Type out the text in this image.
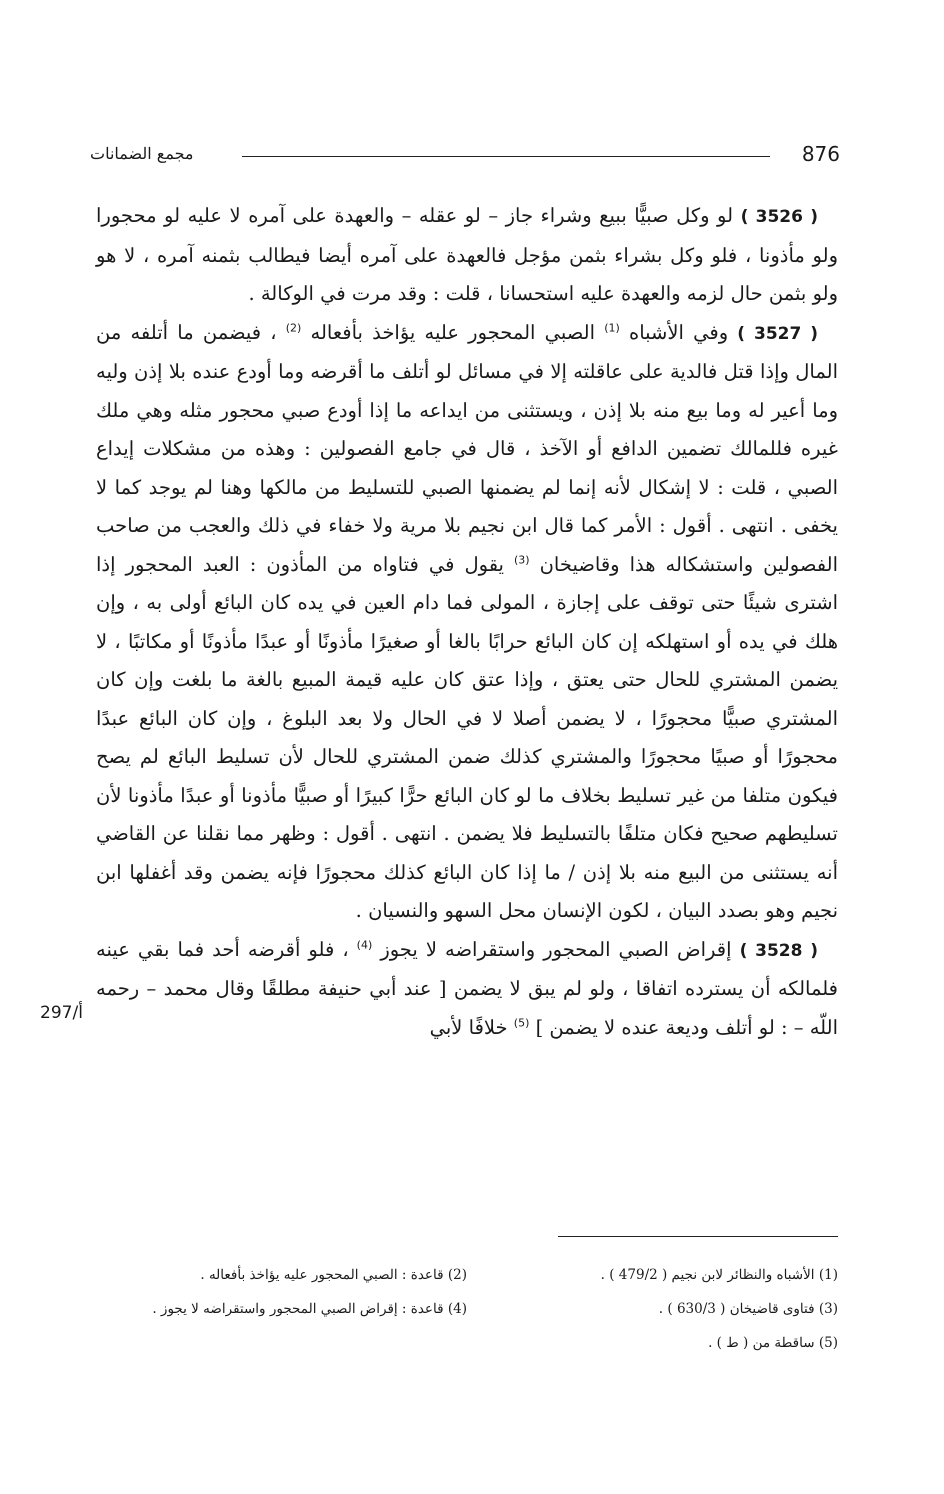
876
مجمع الضمانات

( 3526 ) لو وكل صبيًّا ببيع وشراء جاز – لو عقله – والعهدة على آمره لا عليه لو محجورا ولو مأذونا ، فلو وكل بشراء بثمن مؤجل فالعهدة على آمره أيضا فيطالب بثمنه آمره ، لا هو ولو بثمن حال لزمه والعهدة عليه استحسانا ، قلت : وقد مرت في الوكالة .

( 3527 ) وفي الأشباه $^{(1)}$ الصبي المحجور عليه يؤاخذ بأفعاله $^{(2)}$ ، فيضمن ما أتلفه من المال وإذا قتل فالدية على عاقلته إلا في مسائل لو أتلف ما أقرضه وما أودع عنده بلا إذن وليه وما أعير له وما بيع منه بلا إذن ، ويستثنى من ايداعه ما إذا أودع صبي محجور مثله وهي ملك غيره فللمالك تضمين الدافع أو الآخذ ، قال في جامع الفصولين : وهذه من مشكلات إيداع الصبي ، قلت : لا إشكال لأنه إنما لم يضمنها الصبي للتسليط من مالكها وهنا لم يوجد كما لا يخفى . انتهى . أقول : الأمر كما قال ابن نجيم بلا مرية ولا خفاء في ذلك والعجب من صاحب الفصولين واستشكاله هذا وقاضيخان $^{(3)}$ يقول في فتاواه من المأذون : العبد المحجور إذا اشترى شيئًا حتى توقف على إجازة ، المولى فما دام العين في يده كان البائع أولى به ، وإن هلك في يده أو استهلكه إن كان البائع حرابًا بالغا أو صغيرًا مأذونًا أو عبدًا مأذونًا أو مكاتبًا ، لا يضمن المشتري للحال حتى يعتق ، وإذا عتق كان عليه قيمة المبيع بالغة ما بلغت وإن كان المشتري صبيًّا محجورًا ، لا يضمن أصلا لا في الحال ولا بعد البلوغ ، وإن كان البائع عبدًا محجورًا أو صبيًا محجورًا والمشتري كذلك ضمن المشتري للحال لأن تسليط البائع لم يصح فيكون متلفا من غير تسليط بخلاف ما لو كان البائع حرًّا كبيرًا أو صبيًّا مأذونا أو عبدًا مأذونا لأن تسليطهم صحيح فكان متلفًا بالتسليط فلا يضمن . انتهى . أقول : وظهر مما نقلنا عن القاضي أنه يستثنى من البيع منه بلا إذن / ما إذا كان البائع كذلك محجورًا فإنه يضمن وقد أغفلها ابن نجيم وهو بصدد البيان ، لكون الإنسان محل السهو والنسيان .

( 3528 ) إقراض الصبي المحجور واستقراضه لا يجوز $^{(4)}$ ، فلو أقرضه أحد فما بقي عينه فلمالكه أن يسترده اتفاقا ، ولو لم يبق لا يضمن [ عند أبي حنيفة مطلقًا وقال محمد – رحمه اللّه – : لو أتلف وديعة عنده لا يضمن ] $^{(5)}$ خلافًا لأبي

297/أ
(1) الأشباه والنظائر لابن نجيم ( 479/2 ) .
(2) قاعدة : الصبي المحجور عليه يؤاخذ بأفعاله .
(3) فتاوى قاضيخان ( 630/3 ) .
(4) قاعدة : إقراض الصبي المحجور واستقراضه لا يجوز .
(5) ساقطة من ( ط ) .
